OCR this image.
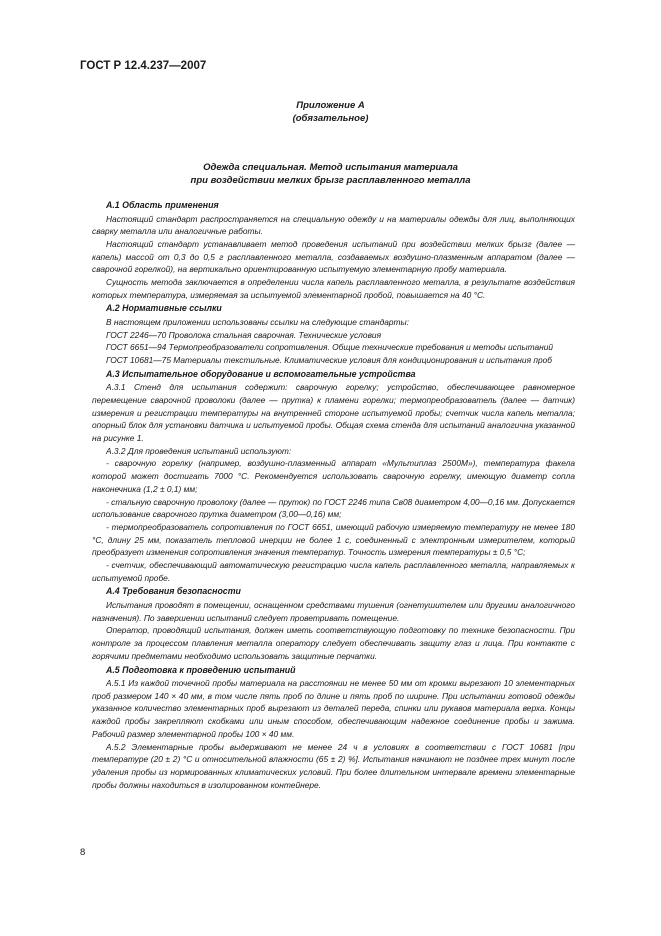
ГОСТ Р 12.4.237—2007
Приложение А
(обязательное)
Одежда специальная. Метод испытания материала
при воздействии мелких брызг расплавленного металла
А.1 Область применения

Настоящий стандарт распространяется на специальную одежду и на материалы одежды для лиц, выполняющих сварку металла или аналогичные работы.

Настоящий стандарт устанавливает метод проведения испытаний при воздействии мелких брызг (далее — капель) массой от 0,3 до 0,5 г расплавленного металла, создаваемых воздушно-плазменным аппаратом (далее — сварочной горелкой), на вертикально ориентированную испытуемую элементарную пробу материала.

Сущность метода заключается в определении числа капель расплавленного металла, в результате воздействия которых температура, измеряемая за испытуемой элементарной пробой, повышается на 40 °С.

А.2 Нормативные ссылки

В настоящем приложении использованы ссылки на следующие стандарты:

ГОСТ 2246—70 Проволока стальная сварочная. Технические условия

ГОСТ 6651—94 Термопреобразователи сопротивления. Общие технические требования и методы испытаний

ГОСТ 10681—75 Материалы текстильные. Климатические условия для кондиционирования и испытания проб

А.3 Испытательное оборудование и вспомогательные устройства

А.3.1 Стенд для испытания содержит: сварочную горелку; устройство, обеспечивающее равномерное перемещение сварочной проволоки (далее — прутка) к пламени горелки; термопреобразователь (далее — датчик) измерения и регистрации температуры на внутренней стороне испытуемой пробы; счетчик числа капель металла; опорный блок для установки датчика и испытуемой пробы. Общая схема стенда для испытаний аналогична указанной на рисунке 1.

А.3.2 Для проведения испытаний используют:

- сварочную горелку (например, воздушно-плазменный аппарат «Мультиплаз 2500М»), температура факела которой может достигать 7000 °С. Рекомендуется использовать сварочную горелку, имеющую диаметр сопла наконечника (1,2 ± 0,1) мм;

- стальную сварочную проволоку (далее — пруток) по ГОСТ 2246 типа Св08 диаметром 4,00—0,16 мм. Допускается использование сварочного прутка диаметром (3,00—0,16) мм;

- термопреобразователь сопротивления по ГОСТ 6651, имеющий рабочую измеряемую температуру не менее 180 °С, длину 25 мм, показатель тепловой инерции не более 1 с, соединенный с электронным измерителем, который преобразует изменения сопротивления значения температур. Точность измерения температуры ± 0,5 °С;

- счетчик, обеспечивающий автоматическую регистрацию числа капель расплавленного металла, направляемых к испытуемой пробе.

А.4 Требования безопасности

Испытания проводят в помещении, оснащенном средствами тушения (огнетушителем или другими аналогичного назначения). По завершении испытаний следует проветривать помещение.

Оператор, проводящий испытания, должен иметь соответствующую подготовку по технике безопасности. При контроле за процессом плавления металла оператору следует обеспечивать защиту глаз и лица. При контакте с горячими предметами необходимо использовать защитные перчатки.

А.5 Подготовка к проведению испытаний

А.5.1 Из каждой точечной пробы материала на расстоянии не менее 50 мм от кромки вырезают 10 элементарных проб размером 140 × 40 мм, в том числе пять проб по длине и пять проб по ширине. При испытании готовой одежды указанное количество элементарных проб вырезают из деталей переда, спинки или рукавов материала верха. Концы каждой пробы закрепляют скобками или иным способом, обеспечивающим надежное соединение пробы и зажима. Рабочий размер элементарной пробы 100 × 40 мм.

А.5.2 Элементарные пробы выдерживают не менее 24 ч в условиях в соответствии с ГОСТ 10681 [при температуре (20 ± 2) °С и относительной влажности (65 ± 2) %]. Испытания начинают не позднее трех минут после удаления пробы из нормированных климатических условий. При более длительном интервале времени элементарные пробы должны находиться в изолированном контейнере.

8
